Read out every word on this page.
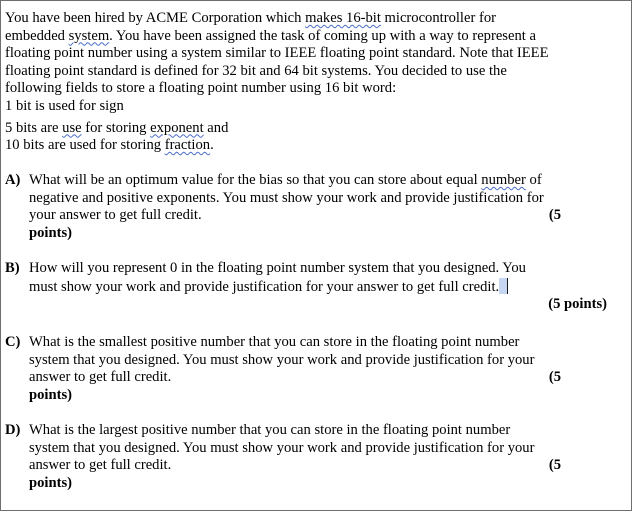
You have been hired by ACME Corporation which makes 16-bit microcontroller for
embedded system. You have been assigned the task of coming up with a way to represent a
floating point number using a system similar to IEEE floating point standard. Note that IEEE
floating point standard is defined for 32 bit and 64 bit systems. You decided to use the
following fields to store a floating point number using 16 bit word:
1 bit is used for sign
5 bits are use for storing exponent and
10 bits are used for storing fraction.
A) What will be an optimum value for the bias so that you can store about equal number of
negative and positive exponents. You must show your work and provide justification for
your answer to get full credit.	(5
points)
B) How will you represent 0 in the floating point number system that you designed. You
must show your work and provide justification for your answer to get full credit.
(5 points)
C) What is the smallest positive number that you can store in the floating point number
system that you designed. You must show your work and provide justification for your
answer to get full credit.	(5
points)
D) What is the largest positive number that you can store in the floating point number
system that you designed. You must show your work and provide justification for your
answer to get full credit.	(5
points)
